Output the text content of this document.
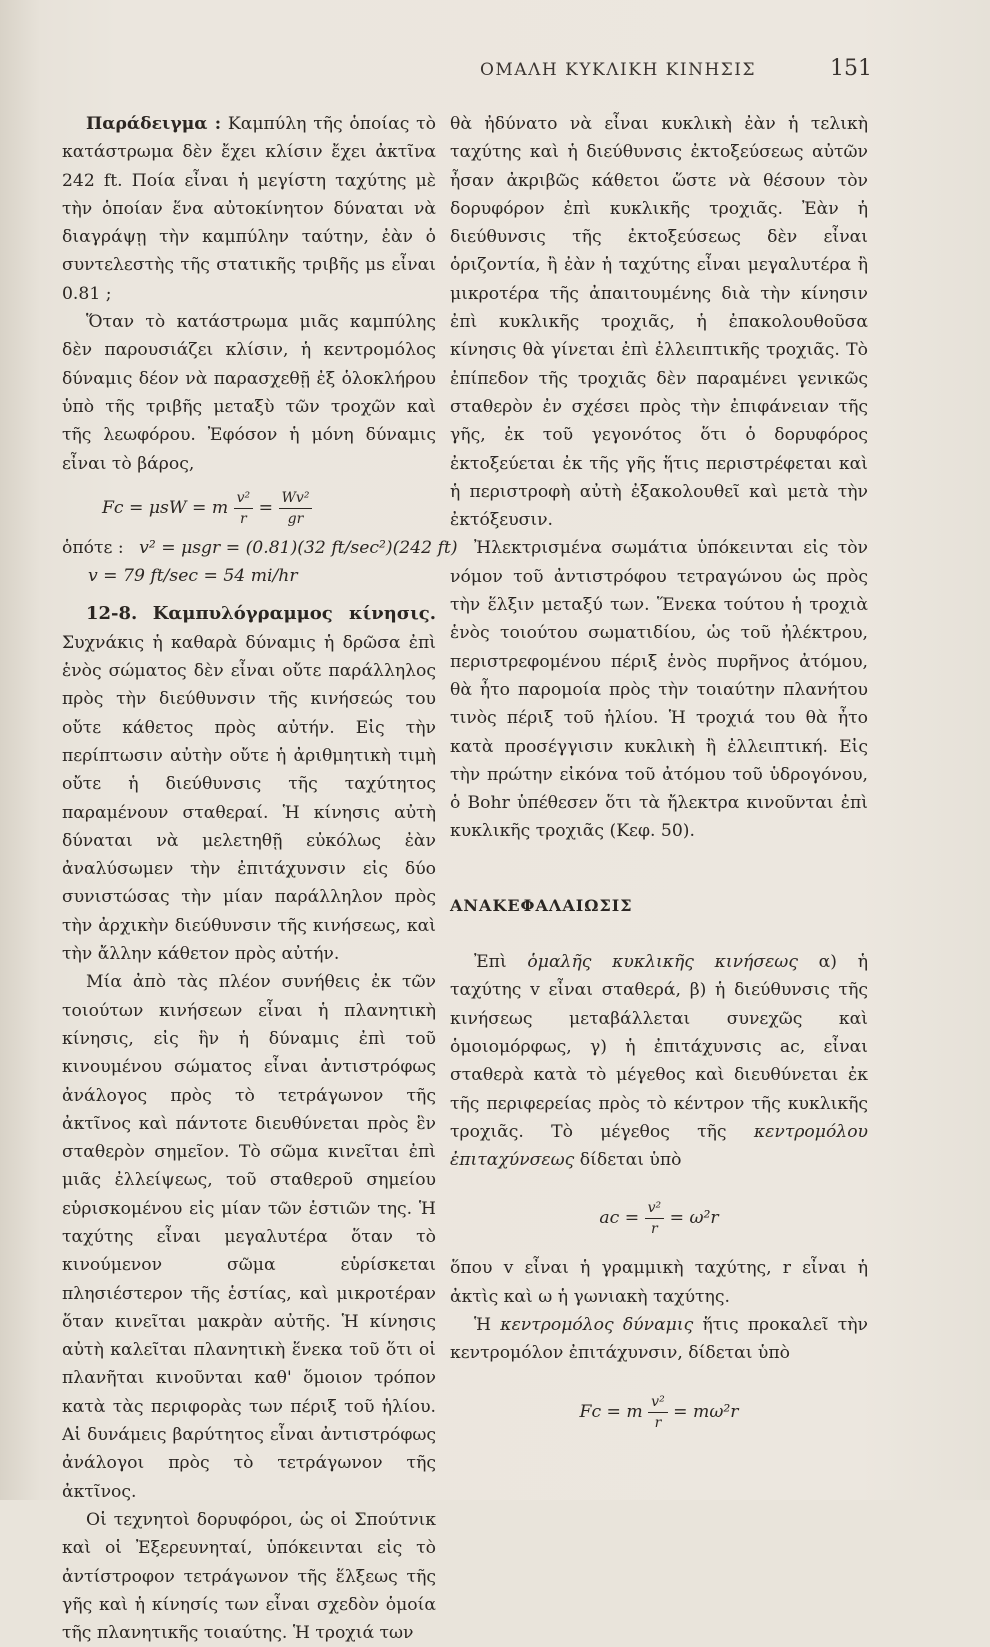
ΟΜΑΛΗ ΚΥΚΛΙΚΗ ΚΙΝΗΣΙΣ	151

Παράδειγμα : Καμπύλη τῆς ὁποίας τὸ κατάστρωμα δὲν ἔχει κλίσιν ἔχει ἀκτῖνα 242 ft. Ποία εἶναι ἡ μεγίστη ταχύτης μὲ τὴν ὁποίαν ἕνα αὐτοκίνητον δύναται νὰ διαγράψῃ τὴν καμπύλην ταύτην, ἐὰν ὁ συντελεστὴς τῆς στατικῆς τριβῆς μs εἶναι 0.81 ;

Ὅταν τὸ κατάστρωμα μιᾶς καμπύλης δὲν παρουσιάζει κλίσιν, ἡ κεντρομόλος δύναμις δέον νὰ παρασχεθῇ ἐξ ὁλοκλήρου ὑπὸ τῆς τριβῆς μεταξὺ τῶν τροχῶν καὶ τῆς λεωφόρου. Ἐφόσον ἡ μόνη δύναμις εἶναι τὸ βάρος,

Fc = μsW = m $\frac{\text{v²}}{r} = \frac{\text{Wv²}}{gr}$

ὁπότε : v² = μsgr = (0.81)(32 ft/sec²)(242 ft)

v = 79 ft/sec = 54 mi/hr

12-8. Καμπυλόγραμμος κίνησις. Συχνάκις ἡ καθαρὰ δύναμις ἡ δρῶσα ἐπὶ ἑνὸς σώματος δὲν εἶναι οὔτε παράλληλος πρὸς τὴν διεύθυνσιν τῆς κινήσεώς του οὔτε κάθετος πρὸς αὐτήν. Εἰς τὴν περίπτωσιν αὐτὴν οὔτε ἡ ἀριθμητικὴ τιμὴ οὔτε ἡ διεύθυνσις τῆς ταχύτητος παραμένουν σταθεραί. Ἡ κίνησις αὐτὴ δύναται νὰ μελετηθῇ εὐκόλως ἐὰν ἀναλύσωμεν τὴν ἐπιτάχυνσιν εἰς δύο συνιστώσας τὴν μίαν παράλληλον πρὸς τὴν ἀρχικὴν διεύθυνσιν τῆς κινήσεως, καὶ τὴν ἄλλην κάθετον πρὸς αὐτήν.

Μία ἀπὸ τὰς πλέον συνήθεις ἐκ τῶν τοιούτων κινήσεων εἶναι ἡ πλανητικὴ κίνησις, εἰς ἣν ἡ δύναμις ἐπὶ τοῦ κινουμένου σώματος εἶναι ἀντιστρόφως ἀνάλογος πρὸς τὸ τετράγωνον τῆς ἀκτῖνος καὶ πάντοτε διευθύνεται πρὸς ἓν σταθερὸν σημεῖον. Τὸ σῶμα κινεῖται ἐπὶ μιᾶς ἐλλείψεως, τοῦ σταθεροῦ σημείου εὑρισκομένου εἰς μίαν τῶν ἑστιῶν της. Ἡ ταχύτης εἶναι μεγαλυτέρα ὅταν τὸ κινούμενον σῶμα εὑρίσκεται πλησιέστερον τῆς ἑστίας, καὶ μικροτέραν ὅταν κινεῖται μακρὰν αὐτῆς. Ἡ κίνησις αὐτὴ καλεῖται πλανητικὴ ἕνεκα τοῦ ὅτι οἱ πλανῆται κινοῦνται καθ' ὅμοιον τρόπον κατὰ τὰς περιφορὰς των πέριξ τοῦ ἡλίου. Αἱ δυνάμεις βαρύτητος εἶναι ἀντιστρόφως ἀνάλογοι πρὸς τὸ τετράγωνον τῆς ἀκτῖνος.

Οἱ τεχνητοὶ δορυφόροι, ὡς οἱ Σπούτνικ καὶ οἱ Ἐξερευνηταί, ὑπόκεινται εἰς τὸ ἀντίστροφον τετράγωνον τῆς ἕλξεως τῆς γῆς καὶ ἡ κίνησίς των εἶναι σχεδὸν ὁμοία τῆς πλανητικῆς τοιαύτης. Ἡ τροχιά των

θὰ ἠδύνατο νὰ εἶναι κυκλικὴ ἐὰν ἡ τελικὴ ταχύτης καὶ ἡ διεύθυνσις ἐκτοξεύσεως αὐτῶν ἦσαν ἀκριβῶς κάθετοι ὥστε νὰ θέσουν τὸν δορυφόρον ἐπὶ κυκλικῆς τροχιᾶς. Ἐὰν ἡ διεύθυνσις τῆς ἐκτοξεύσεως δὲν εἶναι ὁριζοντία, ἢ ἐὰν ἡ ταχύτης εἶναι μεγαλυτέρα ἢ μικροτέρα τῆς ἀπαιτουμένης διὰ τὴν κίνησιν ἐπὶ κυκλικῆς τροχιᾶς, ἡ ἐπακολουθοῦσα κίνησις θὰ γίνεται ἐπὶ ἐλλειπτικῆς τροχιᾶς. Τὸ ἐπίπεδον τῆς τροχιᾶς δὲν παραμένει γενικῶς σταθερὸν ἐν σχέσει πρὸς τὴν ἐπιφάνειαν τῆς γῆς, ἐκ τοῦ γεγονότος ὅτι ὁ δορυφόρος ἐκτοξεύεται ἐκ τῆς γῆς ἥτις περιστρέφεται καὶ ἡ περιστροφὴ αὐτὴ ἐξακολουθεῖ καὶ μετὰ τὴν ἐκτόξευσιν.

Ἠλεκτρισμένα σωμάτια ὑπόκεινται εἰς τὸν νόμον τοῦ ἀντιστρόφου τετραγώνου ὡς πρὸς τὴν ἕλξιν μεταξύ των. Ἕνεκα τούτου ἡ τροχιὰ ἑνὸς τοιούτου σωματιδίου, ὡς τοῦ ἠλέκτρου, περιστρεφομένου πέριξ ἑνὸς πυρῆνος ἀτόμου, θὰ ἦτο παρομοία πρὸς τὴν τοιαύτην πλανήτου τινὸς πέριξ τοῦ ἡλίου. Ἡ τροχιά του θὰ ἦτο κατὰ προσέγγισιν κυκλικὴ ἢ ἐλλειπτική. Εἰς τὴν πρώτην εἰκόνα τοῦ ἀτόμου τοῦ ὑδρογόνου, ὁ Bohr ὑπέθεσεν ὅτι τὰ ἤλεκτρα κινοῦνται ἐπὶ κυκλικῆς τροχιᾶς (Κεφ. 50).

ΑΝΑΚΕΦΑΛΑΙΩΣΙΣ

Ἐπὶ ὁμαλῆς κυκλικῆς κινήσεως α) ἡ ταχύτης v εἶναι σταθερά, β) ἡ διεύθυνσις τῆς κινήσεως μεταβάλλεται συνεχῶς καὶ ὁμοιομόρφως, γ) ἡ ἐπιτάχυνσις ac, εἶναι σταθερὰ κατὰ τὸ μέγεθος καὶ διευθύνεται ἐκ τῆς περιφερείας πρὸς τὸ κέντρον τῆς κυκλικῆς τροχιᾶς. Τὸ μέγεθος τῆς κεντρομόλου ἐπιταχύνσεως δίδεται ὑπὸ

ac = $\frac{\text{v²}}{r} = \omega^2r$

ὅπου v εἶναι ἡ γραμμικὴ ταχύτης, r εἶναι ἡ ἀκτὶς καὶ ω ἡ γωνιακὴ ταχύτης.

Ἡ κεντρομόλος δύναμις ἥτις προκαλεῖ τὴν κεντρομόλον ἐπιτάχυνσιν, δίδεται ὑπὸ

Fc = m $\frac{\text{v²}}{r} = m\omega^2r$
